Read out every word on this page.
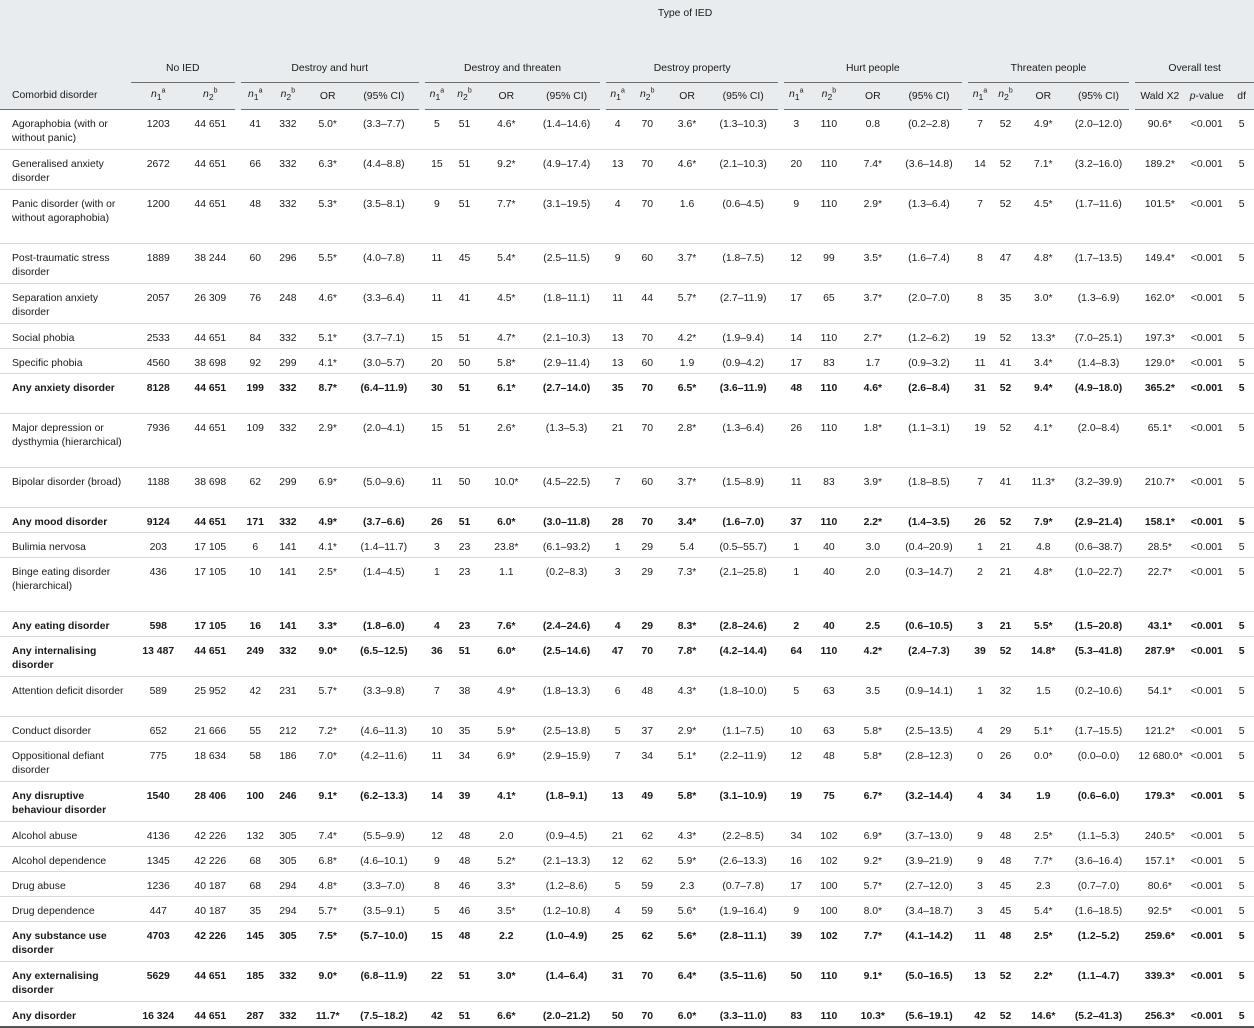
				Type of IED																											

	No IED			Destroy and hurt					Destroy and threaten					Destroy property					Hurt people					Threaten people					Overall test		
Comorbid disorder	$n_1^a$	$n_2^b$		$n_1^a$	$n_2^b$	OR	(95% CI)		$n_1^a$	$n_2^b$	OR	(95% CI)		$n_1^a$	$n_2^b$	OR	(95% CI)		$n_1^a$	$n_2^b$	OR	(95% CI)		$n_1^a$	$n_2^b$	OR	(95% CI)		Wald X2	p-value	df
Agoraphobia (with or without panic)	1203	44 651		41	332	5.0*	(3.3–7.7)		5	51	4.6*	(1.4–14.6)		4	70	3.6*	(1.3–10.3)		3	110	0.8	(0.2–2.8)		7	52	4.9*	(2.0–12.0)		90.6*	<0.001	5
Generalised anxiety disorder	2672	44 651		66	332	6.3*	(4.4–8.8)		15	51	9.2*	(4.9–17.4)		13	70	4.6*	(2.1–10.3)		20	110	7.4*	(3.6–14.8)		14	52	7.1*	(3.2–16.0)		189.2*	<0.001	5
Panic disorder (with or without agoraphobia)	1200	44 651		48	332	5.3*	(3.5–8.1)		9	51	7.7*	(3.1–19.5)		4	70	1.6	(0.6–4.5)		9	110	2.9*	(1.3–6.4)		7	52	4.5*	(1.7–11.6)		101.5*	<0.001	5
Post-traumatic stress disorder	1889	38 244		60	296	5.5*	(4.0–7.8)		11	45	5.4*	(2.5–11.5)		9	60	3.7*	(1.8–7.5)		12	99	3.5*	(1.6–7.4)		8	47	4.8*	(1.7–13.5)		149.4*	<0.001	5
Separation anxiety disorder	2057	26 309		76	248	4.6*	(3.3–6.4)		11	41	4.5*	(1.8–11.1)		11	44	5.7*	(2.7–11.9)		17	65	3.7*	(2.0–7.0)		8	35	3.0*	(1.3–6.9)		162.0*	<0.001	5
Social phobia	2533	44 651		84	332	5.1*	(3.7–7.1)		15	51	4.7*	(2.1–10.3)		13	70	4.2*	(1.9–9.4)		14	110	2.7*	(1.2–6.2)		19	52	13.3*	(7.0–25.1)		197.3*	<0.001	5
Specific phobia	4560	38 698		92	299	4.1*	(3.0–5.7)		20	50	5.8*	(2.9–11.4)		13	60	1.9	(0.9–4.2)		17	83	1.7	(0.9–3.2)		11	41	3.4*	(1.4–8.3)		129.0*	<0.001	5
Any anxiety disorder	8128	44 651		199	332	8.7*	(6.4–11.9)		30	51	6.1*	(2.7–14.0)		35	70	6.5*	(3.6–11.9)		48	110	4.6*	(2.6–8.4)		31	52	9.4*	(4.9–18.0)		365.2*	<0.001	5
Major depression or dysthymia (hierarchical)	7936	44 651		109	332	2.9*	(2.0–4.1)		15	51	2.6*	(1.3–5.3)		21	70	2.8*	(1.3–6.4)		26	110	1.8*	(1.1–3.1)		19	52	4.1*	(2.0–8.4)		65.1*	<0.001	5
Bipolar disorder (broad)	1188	38 698		62	299	6.9*	(5.0–9.6)		11	50	10.0*	(4.5–22.5)		7	60	3.7*	(1.5–8.9)		11	83	3.9*	(1.8–8.5)		7	41	11.3*	(3.2–39.9)		210.7*	<0.001	5
Any mood disorder	9124	44 651		171	332	4.9*	(3.7–6.6)		26	51	6.0*	(3.0–11.8)		28	70	3.4*	(1.6–7.0)		37	110	2.2*	(1.4–3.5)		26	52	7.9*	(2.9–21.4)		158.1*	<0.001	5
Bulimia nervosa	203	17 105		6	141	4.1*	(1.4–11.7)		3	23	23.8*	(6.1–93.2)		1	29	5.4	(0.5–55.7)		1	40	3.0	(0.4–20.9)		1	21	4.8	(0.6–38.7)		28.5*	<0.001	5
Binge eating disorder (hierarchical)	436	17 105		10	141	2.5*	(1.4–4.5)		1	23	1.1	(0.2–8.3)		3	29	7.3*	(2.1–25.8)		1	40	2.0	(0.3–14.7)		2	21	4.8*	(1.0–22.7)		22.7*	<0.001	5
Any eating disorder	598	17 105		16	141	3.3*	(1.8–6.0)		4	23	7.6*	(2.4–24.6)		4	29	8.3*	(2.8–24.6)		2	40	2.5	(0.6–10.5)		3	21	5.5*	(1.5–20.8)		43.1*	<0.001	5
Any internalising disorder	13 487	44 651		249	332	9.0*	(6.5–12.5)		36	51	6.0*	(2.5–14.6)		47	70	7.8*	(4.2–14.4)		64	110	4.2*	(2.4–7.3)		39	52	14.8*	(5.3–41.8)		287.9*	<0.001	5
Attention deficit disorder	589	25 952		42	231	5.7*	(3.3–9.8)		7	38	4.9*	(1.8–13.3)		6	48	4.3*	(1.8–10.0)		5	63	3.5	(0.9–14.1)		1	32	1.5	(0.2–10.6)		54.1*	<0.001	5
Conduct disorder	652	21 666		55	212	7.2*	(4.6–11.3)		10	35	5.9*	(2.5–13.8)		5	37	2.9*	(1.1–7.5)		10	63	5.8*	(2.5–13.5)		4	29	5.1*	(1.7–15.5)		121.2*	<0.001	5
Oppositional defiant disorder	775	18 634		58	186	7.0*	(4.2–11.6)		11	34	6.9*	(2.9–15.9)		7	34	5.1*	(2.2–11.9)		12	48	5.8*	(2.8–12.3)		0	26	0.0*	(0.0–0.0)		12 680.0*	<0.001	5
Any disruptive behaviour disorder	1540	28 406		100	246	9.1*	(6.2–13.3)		14	39	4.1*	(1.8–9.1)		13	49	5.8*	(3.1–10.9)		19	75	6.7*	(3.2–14.4)		4	34	1.9	(0.6–6.0)		179.3*	<0.001	5
Alcohol abuse	4136	42 226		132	305	7.4*	(5.5–9.9)		12	48	2.0	(0.9–4.5)		21	62	4.3*	(2.2–8.5)		34	102	6.9*	(3.7–13.0)		9	48	2.5*	(1.1–5.3)		240.5*	<0.001	5
Alcohol dependence	1345	42 226		68	305	6.8*	(4.6–10.1)		9	48	5.2*	(2.1–13.3)		12	62	5.9*	(2.6–13.3)		16	102	9.2*	(3.9–21.9)		9	48	7.7*	(3.6–16.4)		157.1*	<0.001	5
Drug abuse	1236	40 187		68	294	4.8*	(3.3–7.0)		8	46	3.3*	(1.2–8.6)		5	59	2.3	(0.7–7.8)		17	100	5.7*	(2.7–12.0)		3	45	2.3	(0.7–7.0)		80.6*	<0.001	5
Drug dependence	447	40 187		35	294	5.7*	(3.5–9.1)		5	46	3.5*	(1.2–10.8)		4	59	5.6*	(1.9–16.4)		9	100	8.0*	(3.4–18.7)		3	45	5.4*	(1.6–18.5)		92.5*	<0.001	5
Any substance use disorder	4703	42 226		145	305	7.5*	(5.7–10.0)		15	48	2.2	(1.0–4.9)		25	62	5.6*	(2.8–11.1)		39	102	7.7*	(4.1–14.2)		11	48	2.5*	(1.2–5.2)		259.6*	<0.001	5
Any externalising disorder	5629	44 651		185	332	9.0*	(6.8–11.9)		22	51	3.0*	(1.4–6.4)		31	70	6.4*	(3.5–11.6)		50	110	9.1*	(5.0–16.5)		13	52	2.2*	(1.1–4.7)		339.3*	<0.001	5
Any disorder	16 324	44 651		287	332	11.7*	(7.5–18.2)		42	51	6.6*	(2.0–21.2)		50	70	6.0*	(3.3–11.0)		83	110	10.3*	(5.6–19.1)		42	52	14.6*	(5.2–41.3)		256.3*	<0.001	5
